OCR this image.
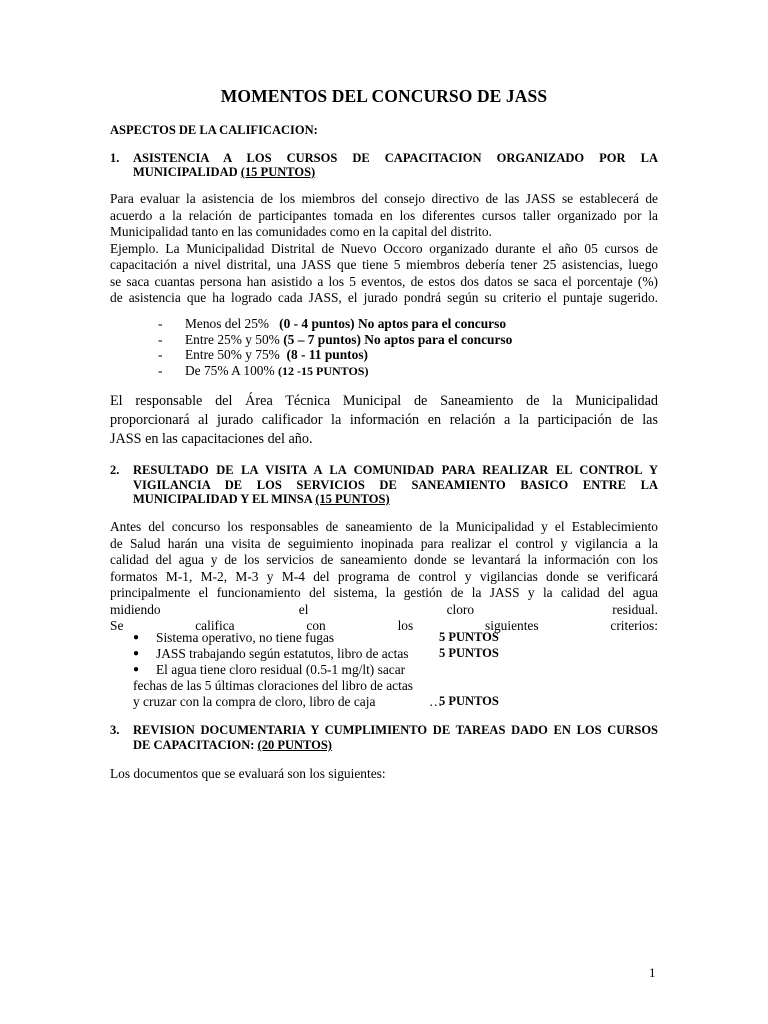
MOMENTOS DEL CONCURSO DE JASS
ASPECTOS DE LA CALIFICACION:
1. ASISTENCIA A LOS CURSOS DE CAPACITACION ORGANIZADO POR LA
MUNICIPALIDAD (15 PUNTOS)
Para evaluar la asistencia de los miembros del consejo directivo de las JASS se establecerá de
acuerdo a la relación de participantes tomada en los diferentes cursos taller organizado por la
Municipalidad tanto en las comunidades como en la capital del distrito.
Ejemplo. La Municipalidad Distrital de Nuevo Occoro organizado durante el año 05 cursos de
capacitación a nivel distrital, una JASS que tiene 5 miembros debería tener 25 asistencias, luego
se saca cuantas persona han asistido a los 5 eventos, de estos dos datos se saca el porcentaje (%)
de asistencia que ha logrado cada JASS, el jurado pondrá según su criterio el puntaje sugerido.
- Menos del 25% (0 - 4 puntos) No aptos para el concurso
- Entre 25% y 50% (5 – 7 puntos) No aptos para el concurso
- Entre 50% y 75% (8 - 11 puntos)
- De 75% A 100% (12 -15 PUNTOS)
El responsable del Área Técnica Municipal de Saneamiento de la Municipalidad
proporcionará al jurado calificador la información en relación a la participación de las
JASS en las capacitaciones del año.
2. RESULTADO DE LA VISITA A LA COMUNIDAD PARA REALIZAR EL CONTROL Y
VIGILANCIA DE LOS SERVICIOS DE SANEAMIENTO BASICO ENTRE LA
MUNICIPALIDAD Y EL MINSA (15 PUNTOS)
Antes del concurso los responsables de saneamiento de la Municipalidad y el Establecimiento
de Salud harán una visita de seguimiento inopinada para realizar el control y vigilancia a la
calidad del agua y de los servicios de saneamiento donde se levantará la información con los
formatos M-1, M-2, M-3 y M-4 del programa de control y vigilancias donde se verificará
principalmente el funcionamiento del sistema, la gestión de la JASS y la calidad del agua
midiendo el cloro residual.
Se califica con los siguientes criterios:
● Sistema operativo, no tiene fugas	5 PUNTOS
● JASS trabajando según estatutos, libro de actas 5 PUNTOS
● El agua tiene cloro residual (0.5-1 mg/lt) sacar
fechas de las 5 últimas cloraciones del libro de actas
y cruzar con la compra de cloro, libro de caja	…
5 PUNTOS
3. REVISION DOCUMENTARIA Y CUMPLIMIENTO DE TAREAS DADO EN LOS CURSOS
DE CAPACITACION: (20 PUNTOS)
Los documentos que se evaluará son los siguientes:
1
